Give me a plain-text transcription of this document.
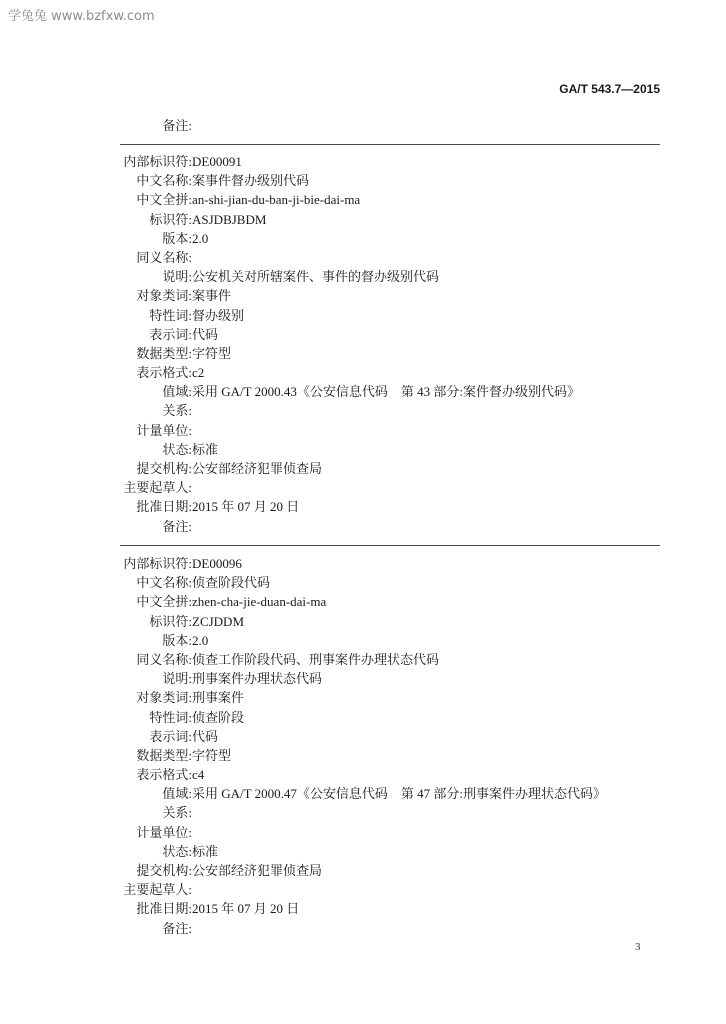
学兔兔 www.bzfxw.com
GA/T 543.7—2015
备注:
内部标识符: DE00091
中文名称: 案事件督办级别代码
中文全拼: an-shi-jian-du-ban-ji-bie-dai-ma
标识符: ASJDBJBDM
版本: 2.0
同义名称:
说明: 公安机关对所辖案件、事件的督办级别代码
对象类词: 案事件
特性词: 督办级别
表示词: 代码
数据类型: 字符型
表示格式: c2
值域: 采用 GA/T 2000.43《公安信息代码　第 43 部分:案件督办级别代码》
关系:
计量单位:
状态: 标准
提交机构: 公安部经济犯罪侦查局
主要起草人:
批准日期: 2015 年 07 月 20 日
备注:
内部标识符: DE00096
中文名称: 侦查阶段代码
中文全拼: zhen-cha-jie-duan-dai-ma
标识符: ZCJDDM
版本: 2.0
同义名称: 侦查工作阶段代码、刑事案件办理状态代码
说明: 刑事案件办理状态代码
对象类词: 刑事案件
特性词: 侦查阶段
表示词: 代码
数据类型: 字符型
表示格式: c4
值域: 采用 GA/T 2000.47《公安信息代码　第 47 部分:刑事案件办理状态代码》
关系:
计量单位:
状态: 标准
提交机构: 公安部经济犯罪侦查局
主要起草人:
批准日期: 2015 年 07 月 20 日
备注:
3
